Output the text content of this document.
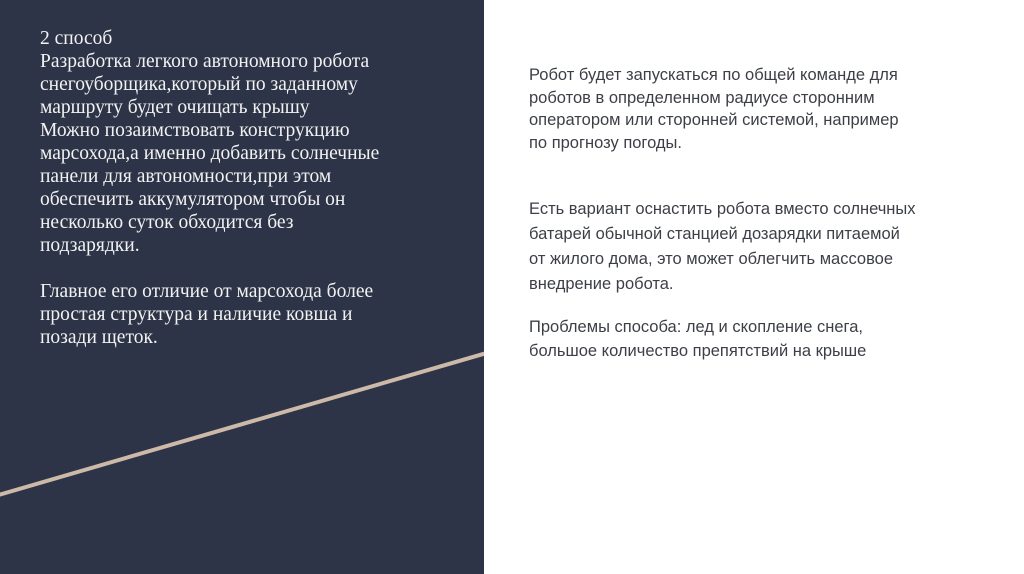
2 способ
Разработка легкого автономного робота
снегоуборщика,который по заданному
маршруту будет очищать крышу
Можно позаимствовать конструкцию
марсохода,а именно добавить солнечные
панели для автономности,при этом
обеспечить аккумулятором чтобы он
несколько суток обходится без
подзарядки.
Главное его отличие от марсохода более
простая структура и наличие ковша и
позади щеток.
Робот будет запускаться по общей команде для
роботов в определенном радиусе сторонним
оператором или сторонней системой, например
по прогнозу погоды.
Есть вариант оснастить робота вместо солнечных
батарей обычной станцией дозарядки питаемой
от жилого дома, это может облегчить массовое
внедрение робота.
Проблемы способа: лед и скопление снега,
большое количество препятствий на крыше
